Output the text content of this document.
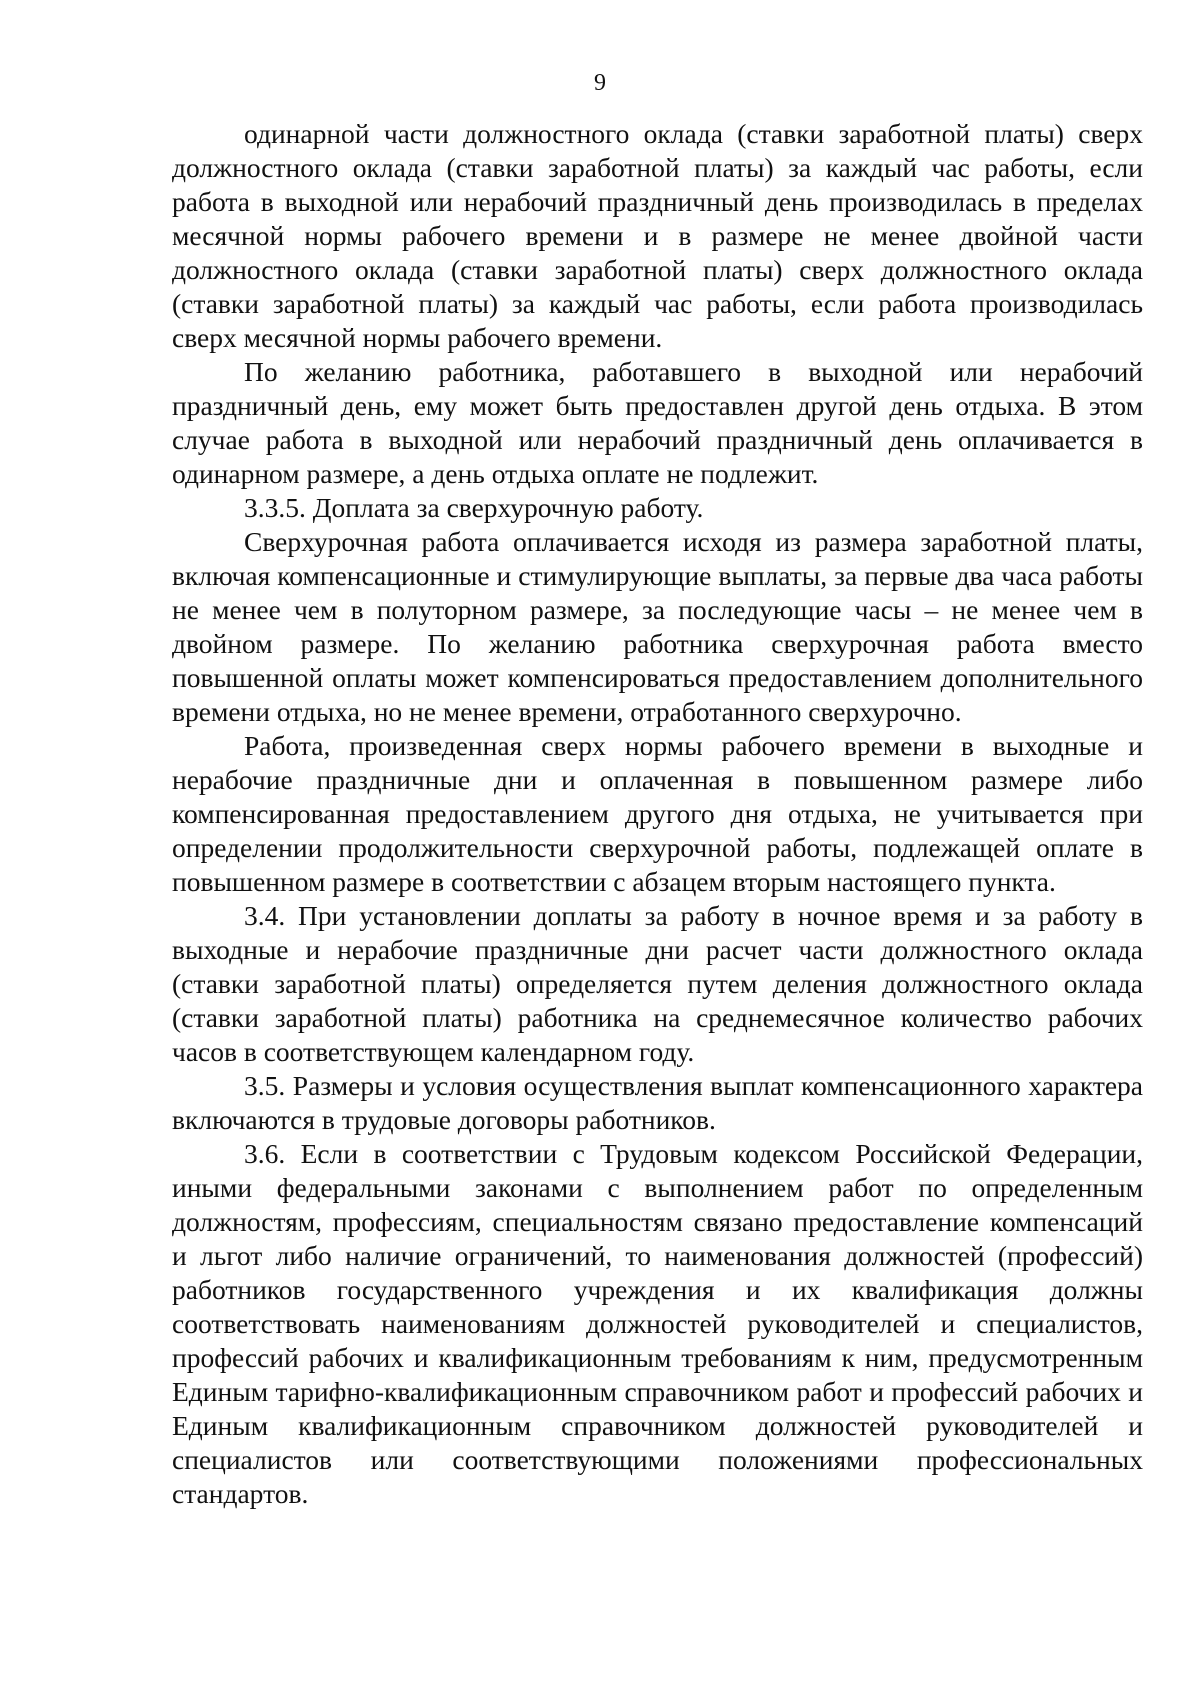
9

одинарной части должностного оклада (ставки заработной платы) сверх должностного оклада (ставки заработной платы) за каждый час работы, если работа в выходной или нерабочий праздничный день производилась в пределах месячной нормы рабочего времени и в размере не менее двойной части должностного оклада (ставки заработной платы) сверх должностного оклада (ставки заработной платы) за каждый час работы, если работа производилась сверх месячной нормы рабочего времени.

По желанию работника, работавшего в выходной или нерабочий праздничный день, ему может быть предоставлен другой день отдыха. В этом случае работа в выходной или нерабочий праздничный день оплачивается в одинарном размере, а день отдыха оплате не подлежит.

3.3.5. Доплата за сверхурочную работу.

Сверхурочная работа оплачивается исходя из размера заработной платы, включая компенсационные и стимулирующие выплаты, за первые два часа работы не менее чем в полуторном размере, за последующие часы – не менее чем в двойном размере. По желанию работника сверхурочная работа вместо повышенной оплаты может компенсироваться предоставлением дополнительного времени отдыха, но не менее времени, отработанного сверхурочно.

Работа, произведенная сверх нормы рабочего времени в выходные и нерабочие праздничные дни и оплаченная в повышенном размере либо компенсированная предоставлением другого дня отдыха, не учитывается при определении продолжительности сверхурочной работы, подлежащей оплате в повышенном размере в соответствии с абзацем вторым настоящего пункта.

3.4. При установлении доплаты за работу в ночное время и за работу в выходные и нерабочие праздничные дни расчет части должностного оклада (ставки заработной платы) определяется путем деления должностного оклада (ставки заработной платы) работника на среднемесячное количество рабочих часов в соответствующем календарном году.

3.5. Размеры и условия осуществления выплат компенсационного характера включаются в трудовые договоры работников.

3.6. Если в соответствии с Трудовым кодексом Российской Федерации, иными федеральными законами с выполнением работ по определенным должностям, профессиям, специальностям связано предоставление компенсаций и льгот либо наличие ограничений, то наименования должностей (профессий) работников государственного учреждения и их квалификация должны соответствовать наименованиям должностей руководителей и специалистов, профессий рабочих и квалификационным требованиям к ним, предусмотренным Единым тарифно-квалификационным справочником работ и профессий рабочих и Единым квалификационным справочником должностей руководителей и специалистов или соответствующими положениями профессиональных стандартов.
